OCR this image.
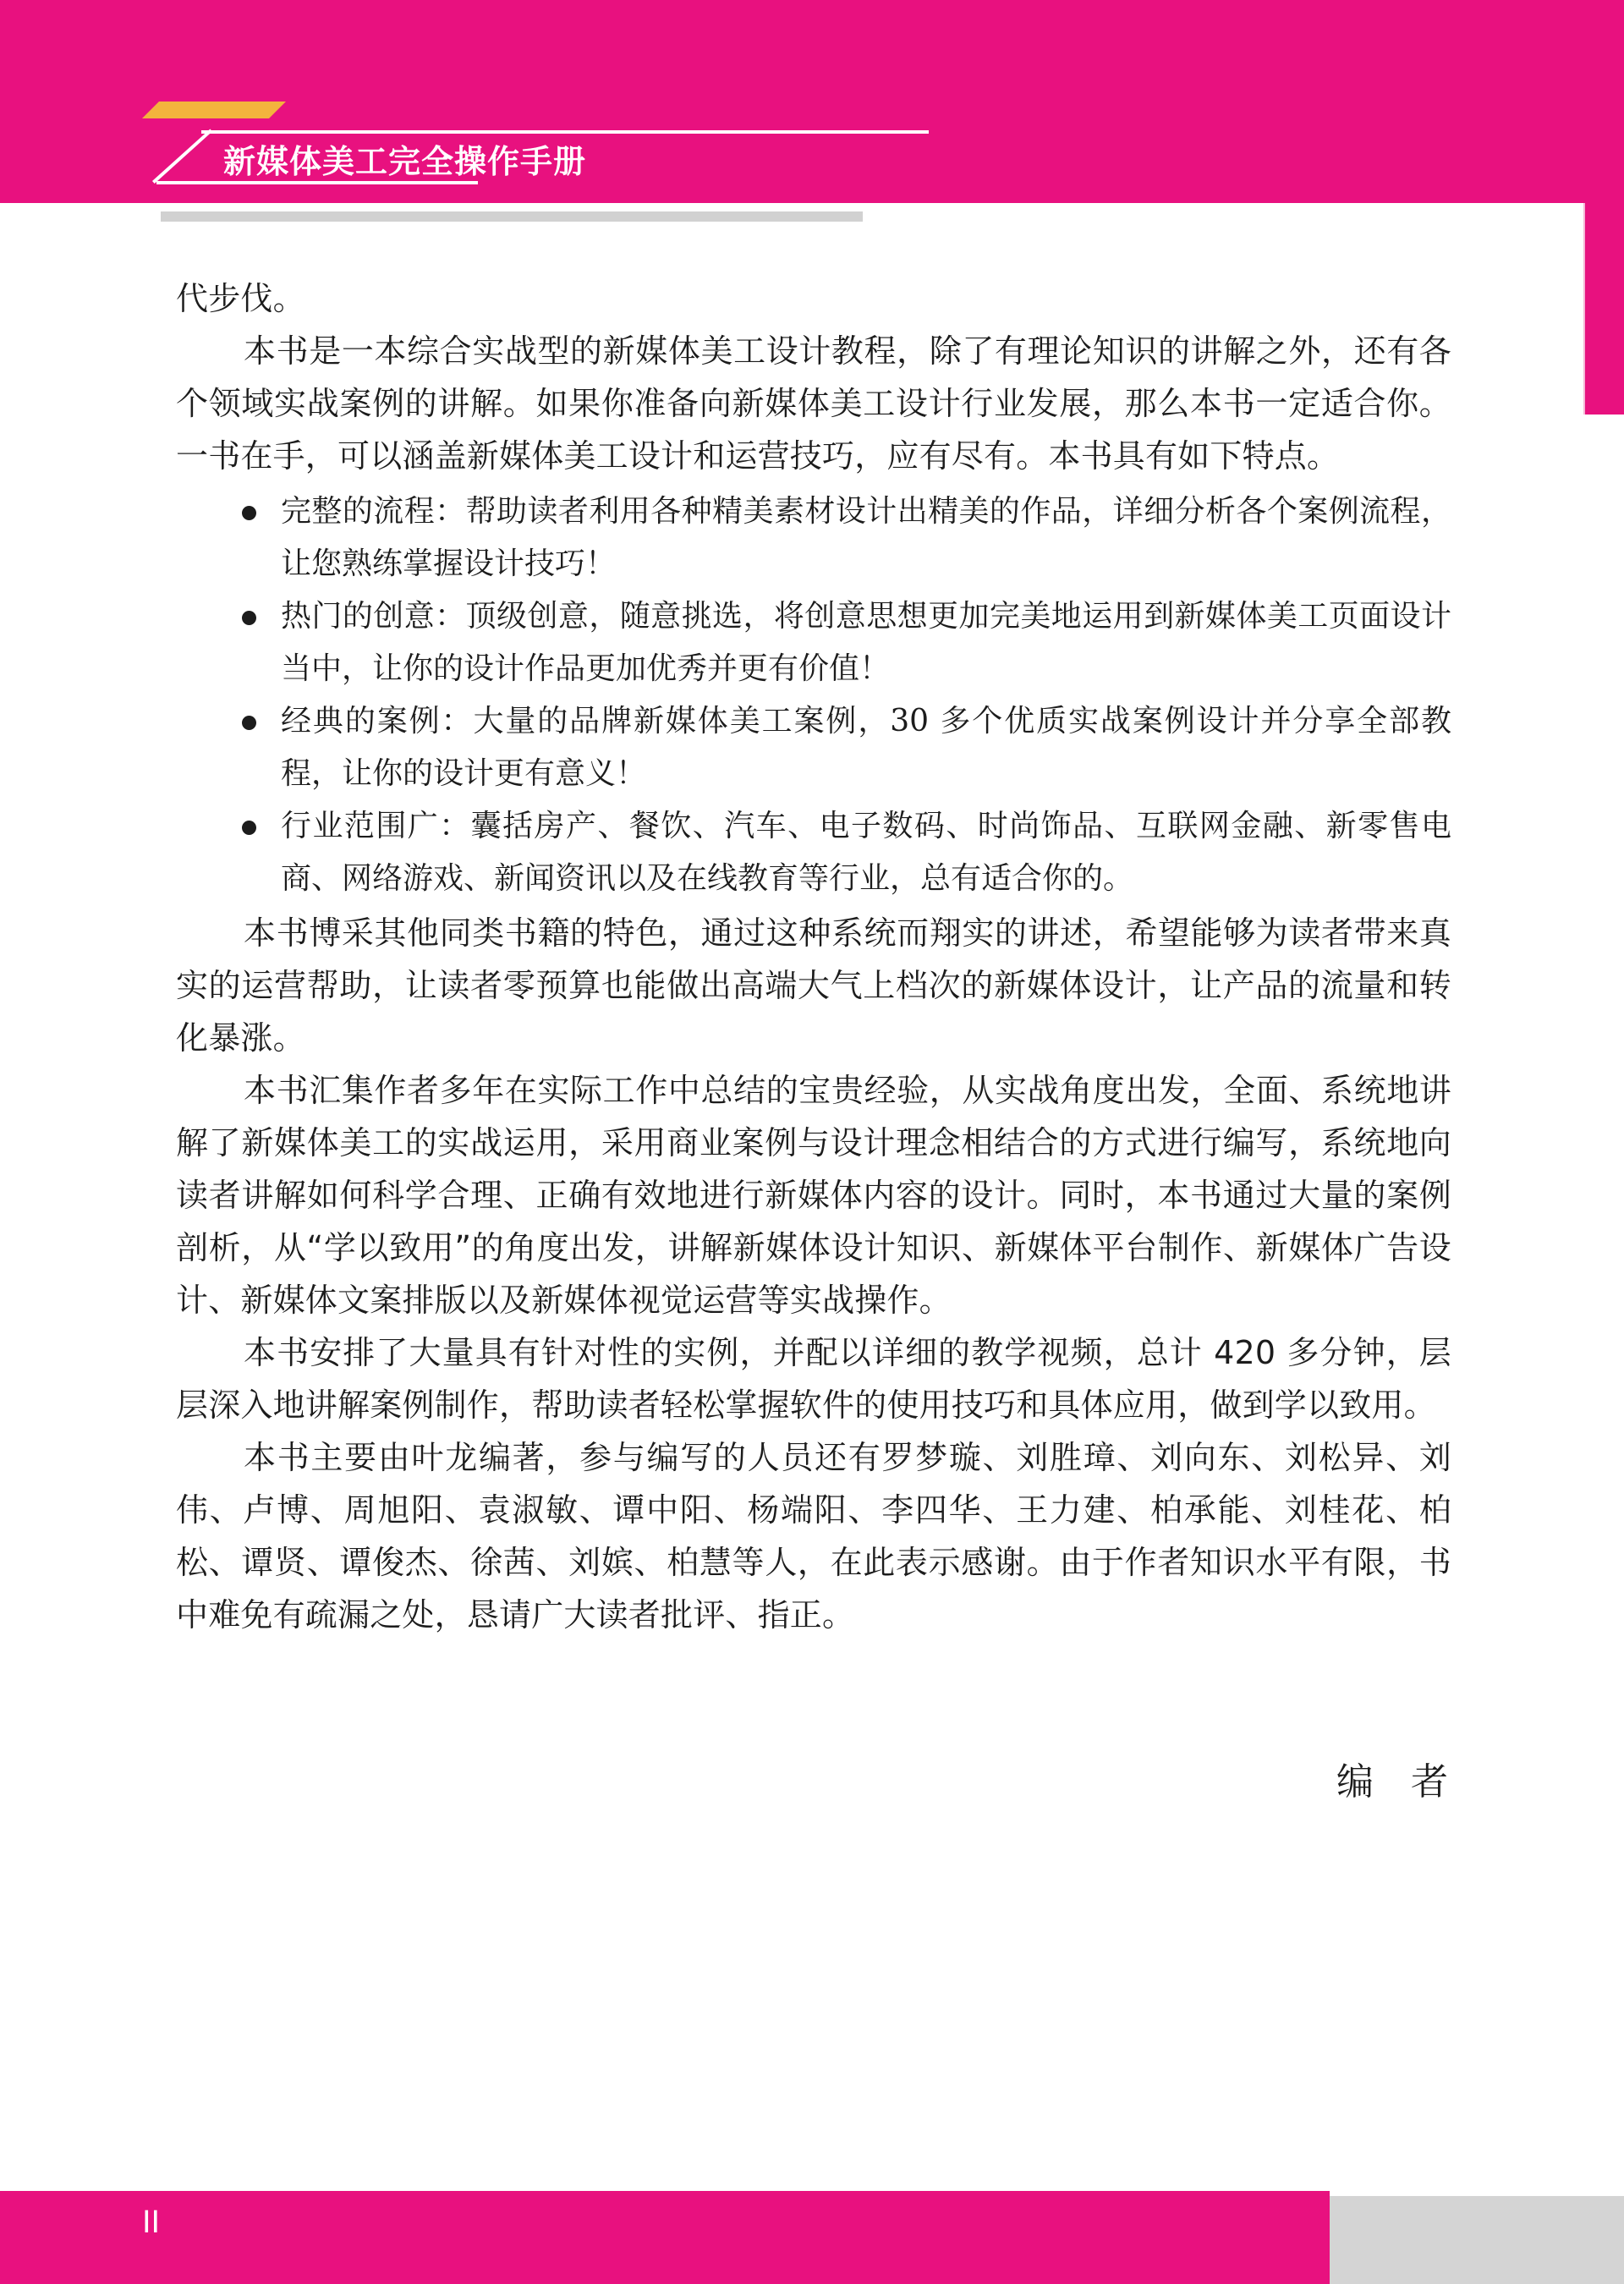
新媒体美工完全操作手册

代步伐。

本书是一本综合实战型的新媒体美工设计教程，除了有理论知识的讲解之外，还有各个领域实战案例的讲解。如果你准备向新媒体美工设计行业发展，那么本书一定适合你。一书在手，可以涵盖新媒体美工设计和运营技巧，应有尽有。本书具有如下特点。

完整的流程：帮助读者利用各种精美素材设计出精美的作品，详细分析各个案例流程，让您熟练掌握设计技巧！
热门的创意：顶级创意，随意挑选，将创意思想更加完美地运用到新媒体美工页面设计当中，让你的设计作品更加优秀并更有价值！
经典的案例：大量的品牌新媒体美工案例，30 多个优质实战案例设计并分享全部教程，让你的设计更有意义！
行业范围广：囊括房产、餐饮、汽车、电子数码、时尚饰品、互联网金融、新零售电商、网络游戏、新闻资讯以及在线教育等行业，总有适合你的。

本书博采其他同类书籍的特色，通过这种系统而翔实的讲述，希望能够为读者带来真实的运营帮助，让读者零预算也能做出高端大气上档次的新媒体设计，让产品的流量和转化暴涨。

本书汇集作者多年在实际工作中总结的宝贵经验，从实战角度出发，全面、系统地讲解了新媒体美工的实战运用，采用商业案例与设计理念相结合的方式进行编写，系统地向读者讲解如何科学合理、正确有效地进行新媒体内容的设计。同时，本书通过大量的案例剖析，从“学以致用”的角度出发，讲解新媒体设计知识、新媒体平台制作、新媒体广告设计、新媒体文案排版以及新媒体视觉运营等实战操作。

本书安排了大量具有针对性的实例，并配以详细的教学视频，总计 420 多分钟，层层深入地讲解案例制作，帮助读者轻松掌握软件的使用技巧和具体应用，做到学以致用。

本书主要由叶龙编著，参与编写的人员还有罗梦璇、刘胜璋、刘向东、刘松异、刘伟、卢博、周旭阳、袁淑敏、谭中阳、杨端阳、李四华、王力建、柏承能、刘桂花、柏松、谭贤、谭俊杰、徐茜、刘嫔、柏慧等人，在此表示感谢。由于作者知识水平有限，书中难免有疏漏之处，恳请广大读者批评、指正。

编者
II
